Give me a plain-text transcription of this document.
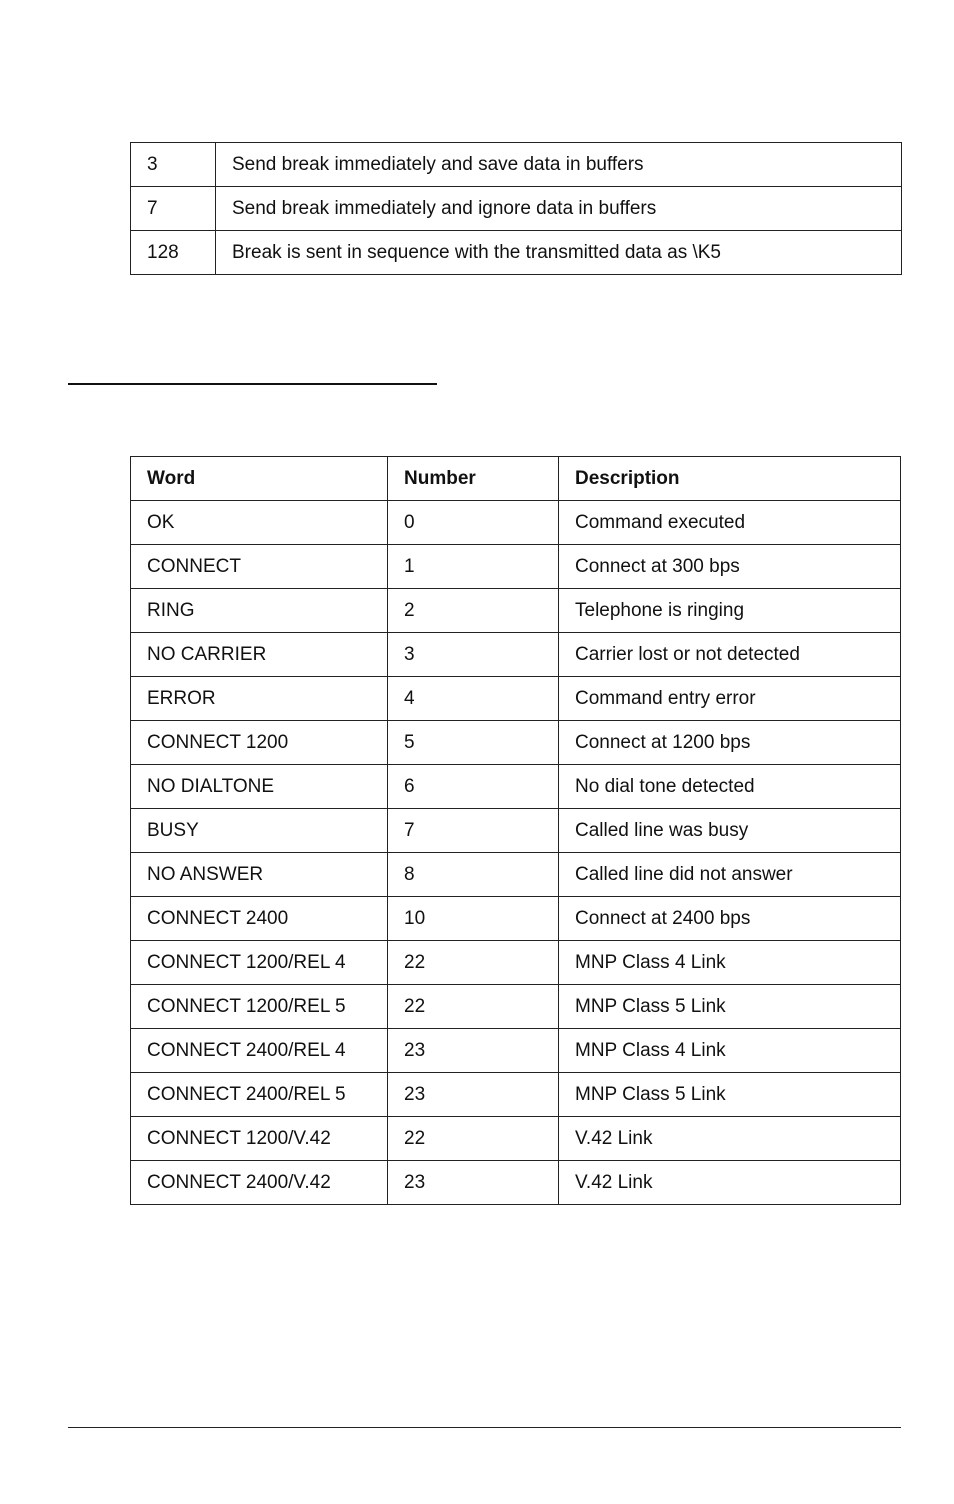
3	Send break immediately and save data in buffers
7	Send break immediately and ignore data in buffers
128	Break is sent in sequence with the transmitted data as \K5
Word	Number	Description
OK	0	Command executed
CONNECT	1	Connect at 300 bps
RING	2	Telephone is ringing
NO CARRIER	3	Carrier lost or not detected
ERROR	4	Command entry error
CONNECT 1200	5	Connect at 1200 bps
NO DIALTONE	6	No dial tone detected
BUSY	7	Called line was busy
NO ANSWER	8	Called line did not answer
CONNECT 2400	10	Connect at 2400 bps
CONNECT 1200/REL 4	22	MNP Class 4 Link
CONNECT 1200/REL 5	22	MNP Class 5 Link
CONNECT 2400/REL 4	23	MNP Class 4 Link
CONNECT 2400/REL 5	23	MNP Class 5 Link
CONNECT 1200/V.42	22	V.42 Link
CONNECT 2400/V.42	23	V.42 Link
